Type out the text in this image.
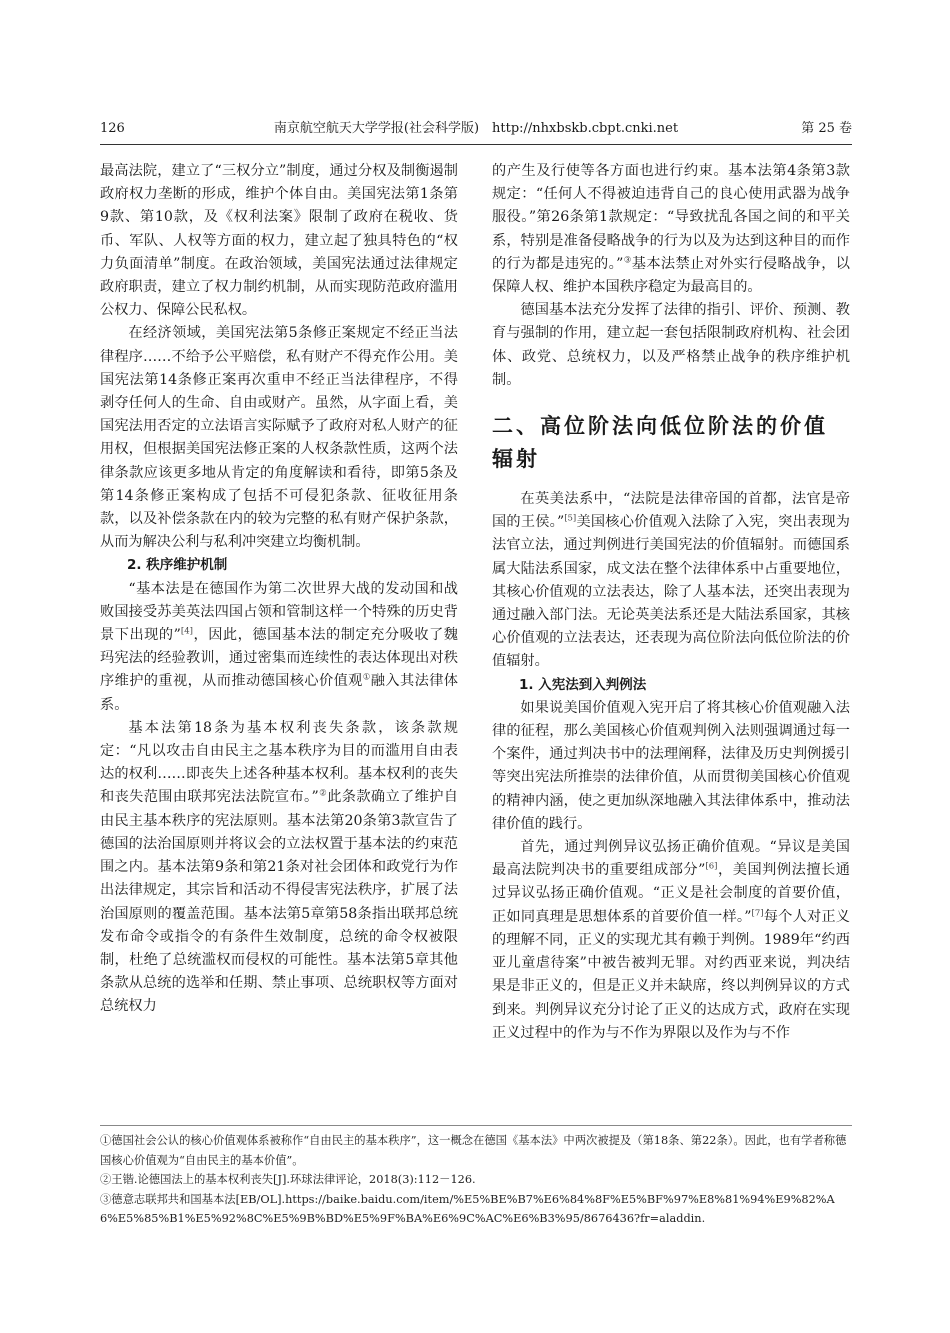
126	南京航空航天大学学报(社会科学版)　http://nhxbskb.cbpt.cnki.net	第 25 卷

最高法院，建立了“三权分立”制度，通过分权及制衡遏制政府权力垄断的形成，维护个体自由。美国宪法第1条第9款、第10款，及《权利法案》限制了政府在税收、货币、军队、人权等方面的权力，建立起了独具特色的“权力负面清单”制度。在政治领域，美国宪法通过法律规定政府职责，建立了权力制约机制，从而实现防范政府滥用公权力、保障公民私权。

在经济领域，美国宪法第5条修正案规定不经正当法律程序……不给予公平赔偿，私有财产不得充作公用。美国宪法第14条修正案再次重申不经正当法律程序，不得剥夺任何人的生命、自由或财产。虽然，从字面上看，美国宪法用否定的立法语言实际赋予了政府对私人财产的征用权，但根据美国宪法修正案的人权条款性质，这两个法律条款应该更多地从肯定的角度解读和看待，即第5条及第14条修正案构成了包括不可侵犯条款、征收征用条款，以及补偿条款在内的较为完整的私有财产保护条款，从而为解决公利与私利冲突建立均衡机制。

2. 秩序维护机制

“基本法是在德国作为第二次世界大战的发动国和战败国接受苏美英法四国占领和管制这样一个特殊的历史背景下出现的”[4]，因此，德国基本法的制定充分吸收了魏玛宪法的经验教训，通过密集而连续性的表达体现出对秩序维护的重视，从而推动德国核心价值观①融入其法律体系。

基本法第18条为基本权利丧失条款，该条款规定：“凡以攻击自由民主之基本秩序为目的而滥用自由表达的权利……即丧失上述各种基本权利。基本权利的丧失和丧失范围由联邦宪法法院宣布。”②此条款确立了维护自由民主基本秩序的宪法原则。基本法第20条第3款宣告了德国的法治国原则并将议会的立法权置于基本法的约束范围之内。基本法第9条和第21条对社会团体和政党行为作出法律规定，其宗旨和活动不得侵害宪法秩序，扩展了法治国原则的覆盖范围。基本法第5章第58条指出联邦总统发布命令或指令的有条件生效制度，总统的命令权被限制，杜绝了总统滥权而侵权的可能性。基本法第5章其他条款从总统的选举和任期、禁止事项、总统职权等方面对总统权力

的产生及行使等各方面也进行约束。基本法第4条第3款规定：“任何人不得被迫违背自己的良心使用武器为战争服役。”第26条第1款规定：“导致扰乱各国之间的和平关系，特别是准备侵略战争的行为以及为达到这种目的而作的行为都是违宪的。”③基本法禁止对外实行侵略战争，以保障人权、维护本国秩序稳定为最高目的。

德国基本法充分发挥了法律的指引、评价、预测、教育与强制的作用，建立起一套包括限制政府机构、社会团体、政党、总统权力，以及严格禁止战争的秩序维护机制。

二、高位阶法向低位阶法的价值辐射

在英美法系中，“法院是法律帝国的首都，法官是帝国的王侯。”[5]美国核心价值观入法除了入宪，突出表现为法官立法，通过判例进行美国宪法的价值辐射。而德国系属大陆法系国家，成文法在整个法律体系中占重要地位，其核心价值观的立法表达，除了人基本法，还突出表现为通过融入部门法。无论英美法系还是大陆法系国家，其核心价值观的立法表达，还表现为高位阶法向低位阶法的价值辐射。

1. 入宪法到入判例法

如果说美国价值观入宪开启了将其核心价值观融入法律的征程，那么美国核心价值观判例入法则强调通过每一个案件，通过判决书中的法理阐释，法律及历史判例援引等突出宪法所推崇的法律价值，从而贯彻美国核心价值观的精神内涵，使之更加纵深地融入其法律体系中，推动法律价值的践行。

首先，通过判例异议弘扬正确价值观。“异议是美国最高法院判决书的重要组成部分”[6]，美国判例法擅长通过异议弘扬正确价值观。“正义是社会制度的首要价值，正如同真理是思想体系的首要价值一样。”[7]每个人对正义的理解不同，正义的实现尤其有赖于判例。1989年“约西亚儿童虐待案”中被告被判无罪。对约西亚来说，判决结果是非正义的，但是正义并未缺席，终以判例异议的方式到来。判例异议充分讨论了正义的达成方式，政府在实现正义过程中的作为与不作为界限以及作为与不作

①德国社会公认的核心价值观体系被称作“自由民主的基本秩序”，这一概念在德国《基本法》中两次被提及（第18条、第22条）。因此，也有学者称德国核心价值观为“自由民主的基本价值”。

②王锴.论德国法上的基本权利丧失[J].环球法律评论，2018(3):112－126.

③德意志联邦共和国基本法[EB/OL].https://baike.baidu.com/item/%E5%BE%B7%E6%84%8F%E5%BF%97%E8%81%94%E9%82%A6%E5%85%B1%E5%92%8C%E5%9B%BD%E5%9F%BA%E6%9C%AC%E6%B3%95/8676436?fr=aladdin.
